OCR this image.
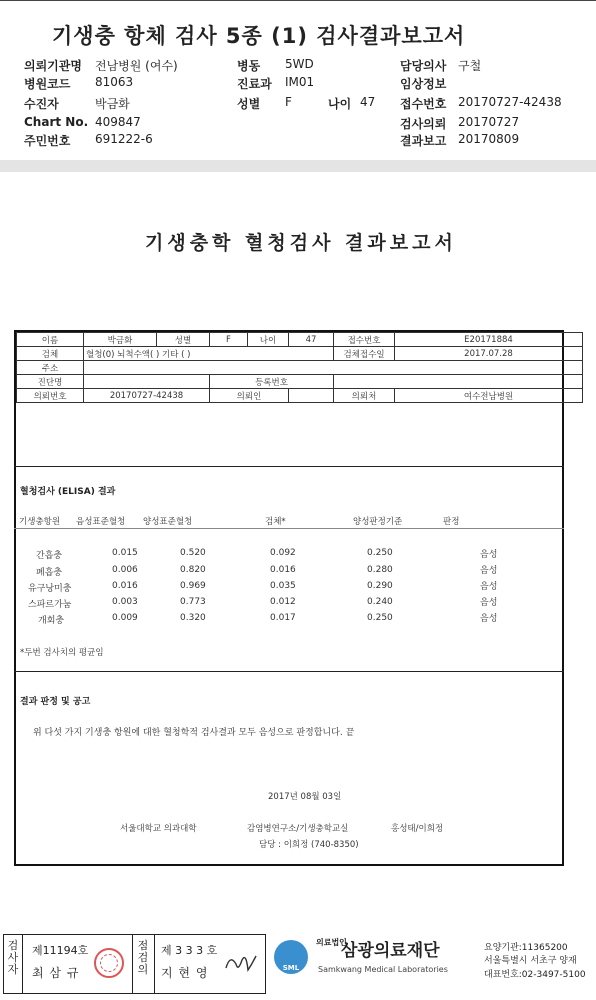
기생충 항체 검사 5종 (1) 검사결과보고서
의뢰기관명 전남병원 (여수)
병원코드 81063
수진자	박금화
Chart No. 409847
주민번호 691222-6
병동 5WD
진료과 IM01
성별 F	나이 47
담당의사 구철
임상정보
접수번호 20170727-42438
검사의뢰 20170727
결과보고 20170809
기생충학 혈청검사 결과보고서
이름	박금화	성별	F	나이	47	접수번호	E20171884
검체	혈청(0) 뇌척수액( ) 기타 ( )					검체접수일	2017.07.28
주소							
진단명			등록번호				
의뢰번호	20170727-42438		의뢰인			의뢰처	여수전남병원
혈청검사 (ELISA) 결과
기생충항원 음성표준혈청 양성표준혈청	검체*	양성판정기준	판정
간흡충	0.015	0.520	0.092	0.250	음성
폐흡충	0.006	0.820	0.016	0.280	음성
유구낭미충	0.016	0.969	0.035	0.290	음성
스파르가눔	0.003	0.773	0.012	0.240	음성
개회충	0.009	0.320	0.017	0.250	음성
*두번 검사치의 평균임
결과 판정 및 공고
위 다섯 가지 기생충 항원에 대한 혈청학적 검사결과 모두 음성으로 판정합니다. 끝
2017년 08월 03일
서울대학교 의과대학	감염병연구소/기생충학교실	홍성태/이희정
담당 : 이희정 (740-8350)
검사자
제11194호
최 삼 규
점검의
제 3 3 3 호
지 현 영	SML
의료법인
삼광의료재단
Samkwang Medical Laboratories
요양기관:11365200
서울특별시 서초구 양재
대표번호:02-3497-5100
